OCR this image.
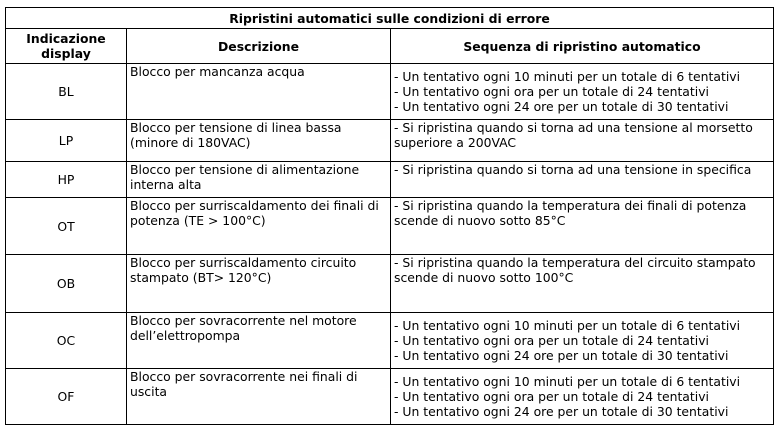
Ripristini automatici sulle condizioni di errore		
Indicazione display	Descrizione	Sequenza di ripristino automatico
BL	Blocco per mancanza acqua	- Un tentativo ogni 10 minuti per un totale di 6 tentativi
- Un tentativo ogni ora per un totale di 24 tentativi
- Un tentativo ogni 24 ore per un totale di 30 tentativi

LP	Blocco per tensione di linea bassa (minore di 180VAC)	- Si ripristina quando si torna ad una tensione al morsetto superiore a 200VAC

HP	Blocco per tensione di alimentazione interna alta	- Si ripristina quando si torna ad una tensione in specifica

OT	Blocco per surriscaldamento dei finali di potenza (TE > 100°C)	- Si ripristina quando la temperatura dei finali di potenza scende di nuovo sotto 85°C

OB	Blocco per surriscaldamento circuito stampato (BT> 120°C)	- Si ripristina quando la temperatura del circuito stampato scende di nuovo sotto 100°C

OC	Blocco per sovracorrente nel motore dell’elettropompa	- Un tentativo ogni 10 minuti per un totale di 6 tentativi
- Un tentativo ogni ora per un totale di 24 tentativi
- Un tentativo ogni 24 ore per un totale di 30 tentativi

OF	Blocco per sovracorrente nei finali di uscita	- Un tentativo ogni 10 minuti per un totale di 6 tentativi
- Un tentativo ogni ora per un totale di 24 tentativi
- Un tentativo ogni 24 ore per un totale di 30 tentativi
